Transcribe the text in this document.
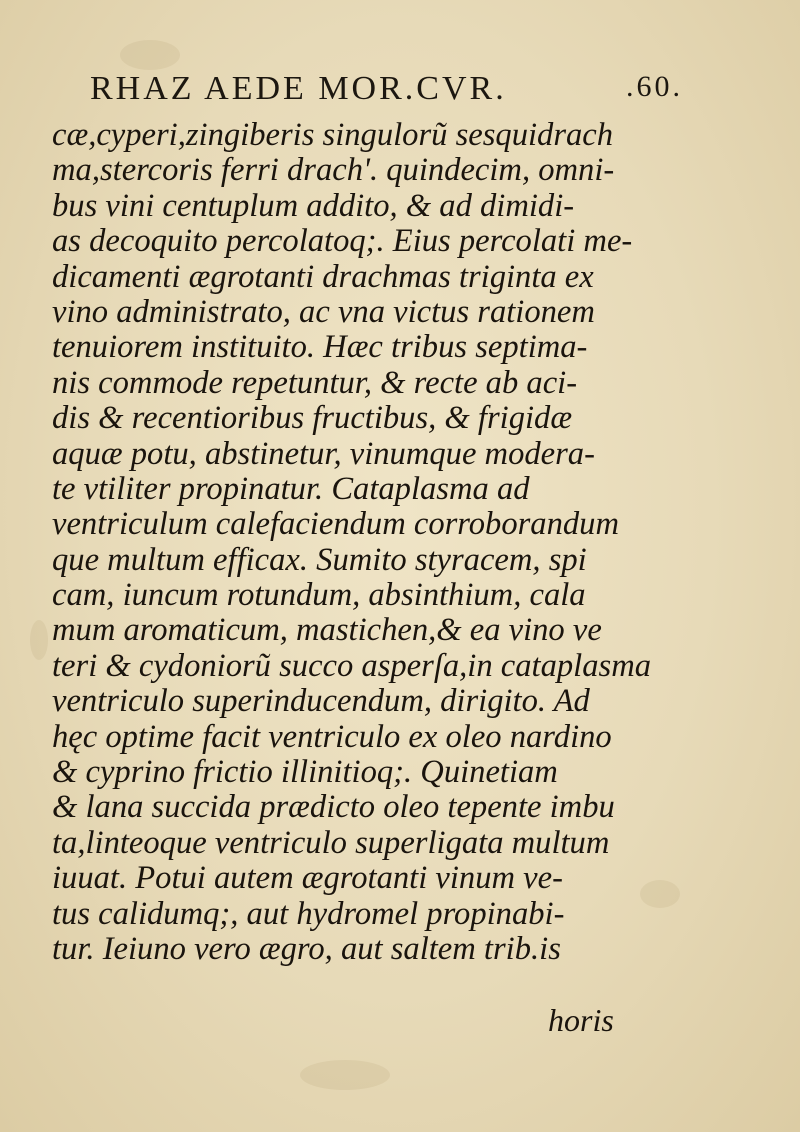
RHAZ AEDE MOR.CVR.	.60.
cæ,cyperi,zingiberis singulorũ sesquidrach
ma,stercoris ferri drach'. quindecim, omni-
bus vini centuplum addito, & ad dimidi-
as decoquito percolatoq;. Eius percolati me-
dicamenti ægrotanti drachmas triginta ex
vino administrato, ac vna victus rationem
tenuiorem instituito. Hæc tribus septima-
nis commode repetuntur, & recte ab aci-
dis & recentioribus fructibus, & frigidæ
aquæ potu, abstinetur, vinumque modera-
te vtiliter propinatur. Cataplasma ad
ventriculum calefaciendum corroborandum
que multum efficax. Sumito styracem, spi
cam, iuncum rotundum, absinthium, cala
mum aromaticum, mastichen,& ea vino ve
teri & cydoniorũ succo asperſa,in cataplasma
ventriculo superinducendum, dirigito. Ad
hęc optime facit ventriculo ex oleo nardino
& cyprino frictio illinitioq;. Quinetiam
& lana succida prædicto oleo tepente imbu
ta,linteoque ventriculo superligata multum
iuuat. Potui autem ægrotanti vinum ve-
tus calidumq;, aut hydromel propinabi-
tur. Ieiuno vero ægro, aut saltem trib.is
horis
